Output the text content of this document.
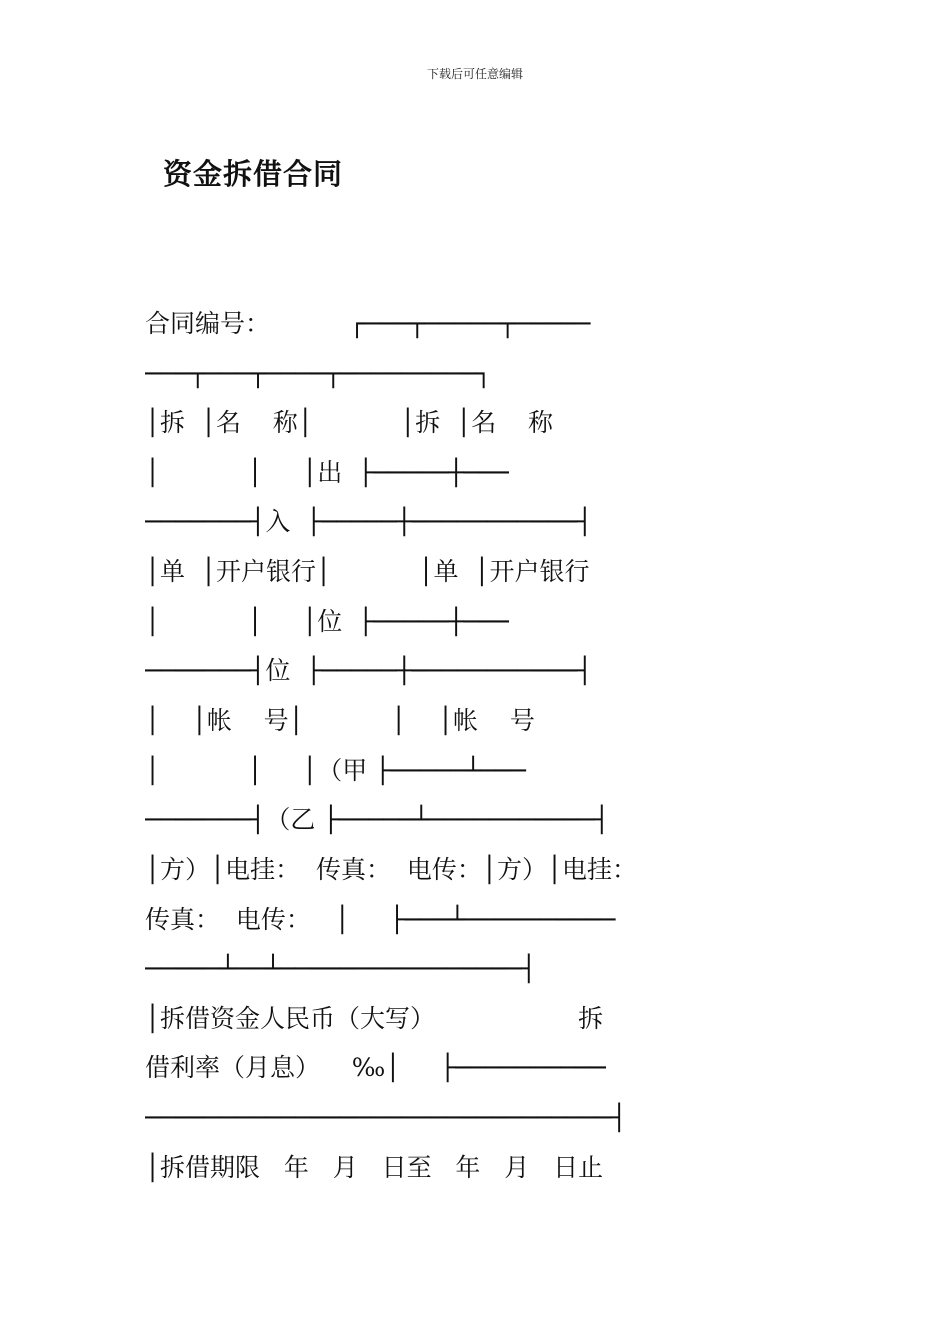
下载后可任意编辑
资金拆借合同
合同编号：          ┌───┬─────┬─────
───┬───┬────┬─────────┐
│拆  │名    称│           │拆  │名    称
│           │     │出  ├─────┼───
───────┤入  ├─────┼───────────┤
│单  │开户银行│           │单  │开户银行
│           │     │位  ├─────┼───
───────┤位  ├─────┼───────────┤
│    │帐    号│           │    │帐    号
│           │     │（甲 ├─────┴───
───────┤（乙 ├─────┴───────────┤
│方）│电挂：  传真：  电传：│方）│电挂：
传真：  电传：   │     ├───┴──────────
─────┴──┴────────────────┤
│拆借资金人民币（大写）                  拆
借利率（月息）    ‰│     ├──────────
───────────────────────────────┤
│拆借期限   年   月   日至   年   月   日止
